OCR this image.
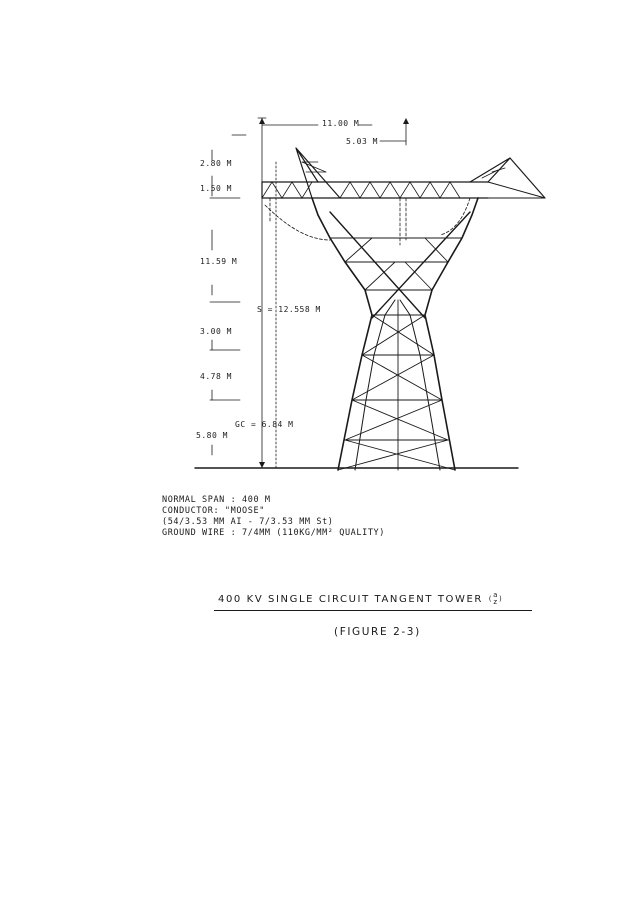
11.00 M
5.03 M
2.80 M
1.50 M
11.59 M
S = 12.558 M
3.00 M
4.78 M
GC = 6.84 M
5.80 M
NORMAL SPAN : 400 M
CONDUCTOR: "MOOSE"
(54/3.53 MM AI - 7/3.53 MM St)
GROUND WIRE : 7/4MM (110KG/MM² QUALITY)
400 KV SINGLE CIRCUIT TANGENT TOWER ( a
z )
(FIGURE 2-3)
